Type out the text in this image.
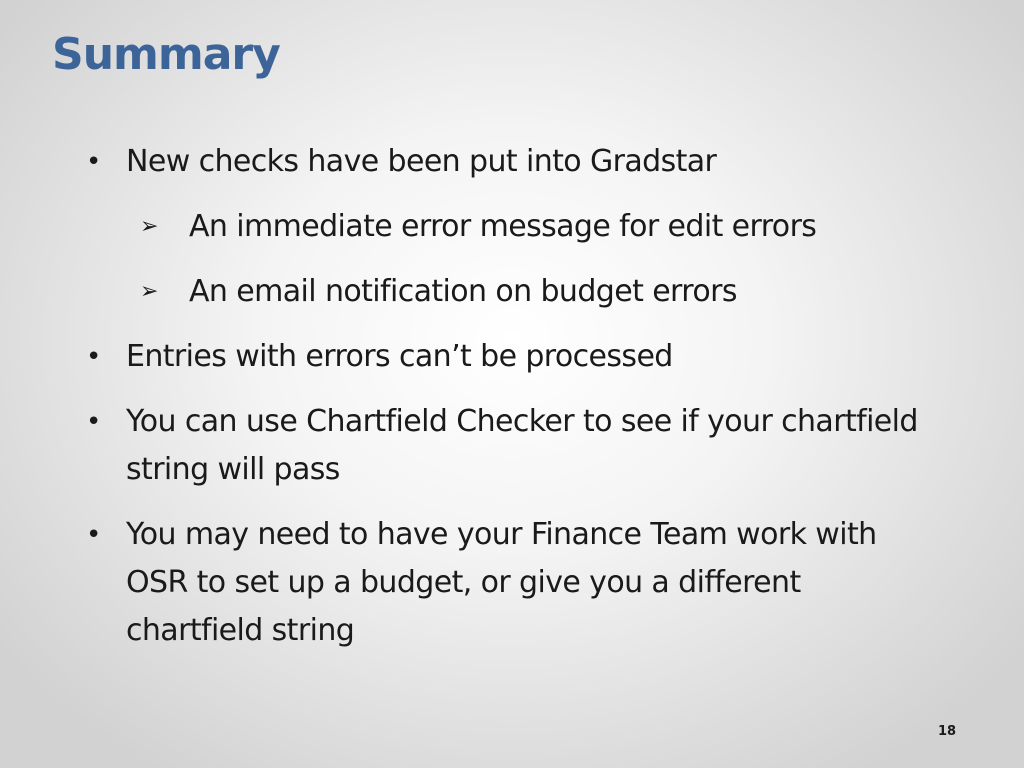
Summary
• New checks have been put into Gradstar
➢ An immediate error message for edit errors
➢ An email notification on budget errors
• Entries with errors can’t be processed
• You can use Chartfield Checker to see if your chartfield string will pass
• You may need to have your Finance Team work with OSR to set up a budget, or give you a different chartfield string
18
